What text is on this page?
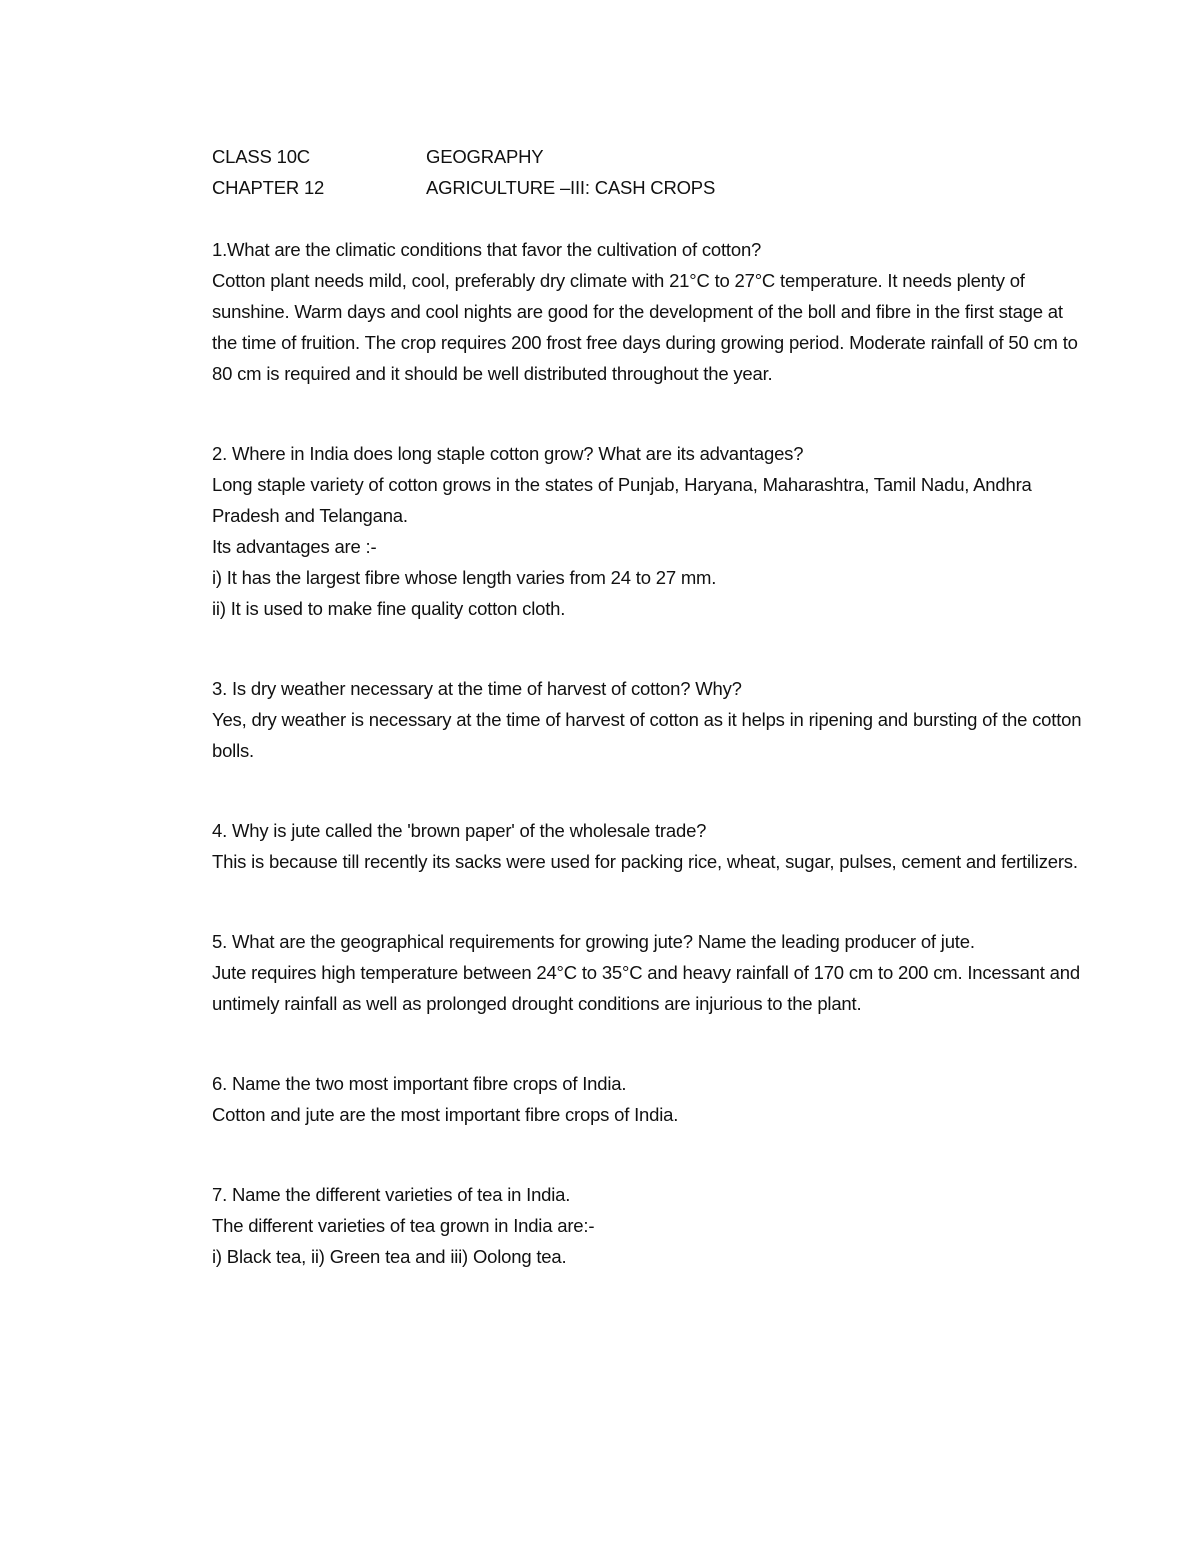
CLASS 10C	GEOGRAPHY
CHAPTER 12	AGRICULTURE –III: CASH CROPS

1.What are the climatic conditions that favor the cultivation of cotton?

Cotton plant needs mild, cool, preferably dry climate with 21°C to 27°C temperature. It needs plenty of sunshine. Warm days and cool nights are good for the development of the boll and fibre in the first stage at the time of fruition. The crop requires 200 frost free days during growing period. Moderate rainfall of 50 cm to 80 cm is required and it should be well distributed throughout the year.

2. Where in India does long staple cotton grow? What are its advantages?

Long staple variety of cotton grows in the states of Punjab, Haryana, Maharashtra, Tamil Nadu, Andhra Pradesh and Telangana.

Its advantages are :-

i) It has the largest fibre whose length varies from 24 to 27 mm.

ii) It is used to make fine quality cotton cloth.

3. Is dry weather necessary at the time of harvest of cotton? Why?

Yes, dry weather is necessary at the time of harvest of cotton as it helps in ripening and bursting of the cotton bolls.

4. Why is jute called the 'brown paper' of the wholesale trade?

This is because till recently its sacks were used for packing rice, wheat, sugar, pulses, cement and fertilizers.

5. What are the geographical requirements for growing jute? Name the leading producer of jute.

Jute requires high temperature between 24°C to 35°C and heavy rainfall of 170 cm to 200 cm. Incessant and untimely rainfall as well as prolonged drought conditions are injurious to the plant.

6. Name the two most important fibre crops of India.

Cotton and jute are the most important fibre crops of India.

7. Name the different varieties of tea in India.

The different varieties of tea grown in India are:-

i) Black tea, ii) Green tea and iii) Oolong tea.
